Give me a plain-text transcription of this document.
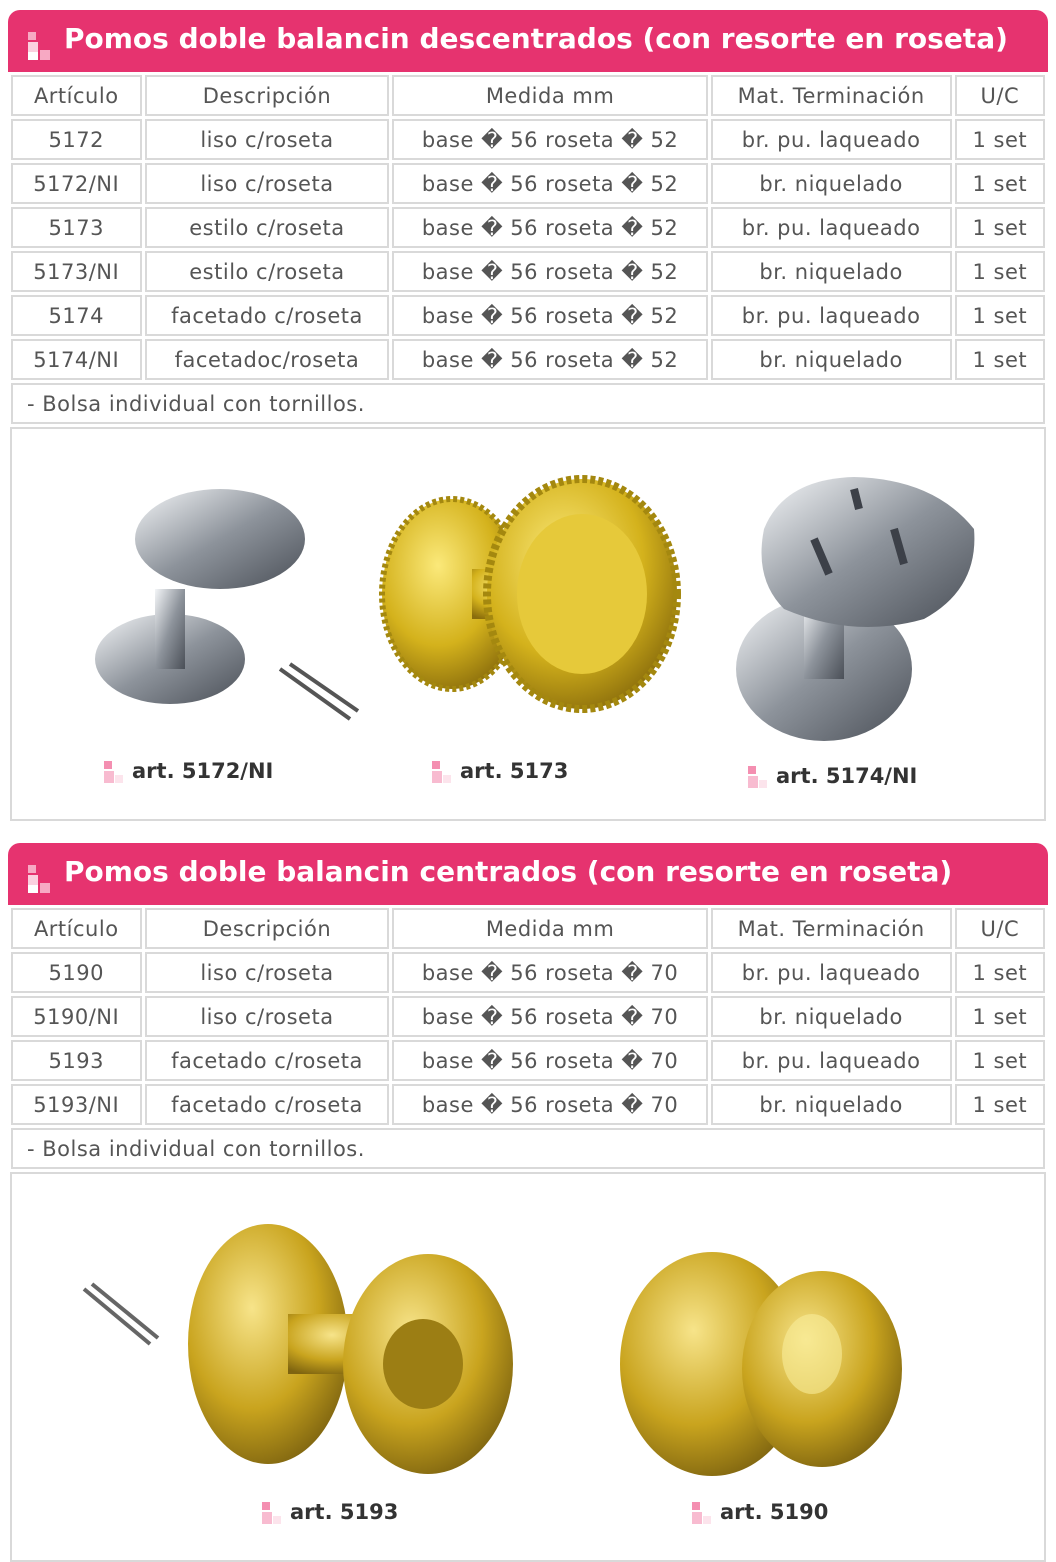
Pomos doble balancin descentrados (con resorte en roseta)
Artículo	Descripción	Medida mm	Mat. Terminación	U/C
5172	liso c/roseta	base � 56 roseta � 52	br. pu. laqueado	1 set
5172/NI	liso c/roseta	base � 56 roseta � 52	br. niquelado	1 set
5173	estilo c/roseta	base � 56 roseta � 52	br. pu. laqueado	1 set
5173/NI	estilo c/roseta	base � 56 roseta � 52	br. niquelado	1 set
5174	facetado c/roseta	base � 56 roseta � 52	br. pu. laqueado	1 set
5174/NI	facetadoc/roseta	base � 56 roseta � 52	br. niquelado	1 set
- Bolsa individual con tornillos.				
art. 5172/NI	art. 5173	art. 5174/NI
Pomos doble balancin centrados (con resorte en roseta)
Artículo	Descripción	Medida mm	Mat. Terminación	U/C
5190	liso c/roseta	base � 56 roseta � 70	br. pu. laqueado	1 set
5190/NI	liso c/roseta	base � 56 roseta � 70	br. niquelado	1 set
5193	facetado c/roseta	base � 56 roseta � 70	br. pu. laqueado	1 set
5193/NI	facetado c/roseta	base � 56 roseta � 70	br. niquelado	1 set
- Bolsa individual con tornillos.				
art. 5193	art. 5190
